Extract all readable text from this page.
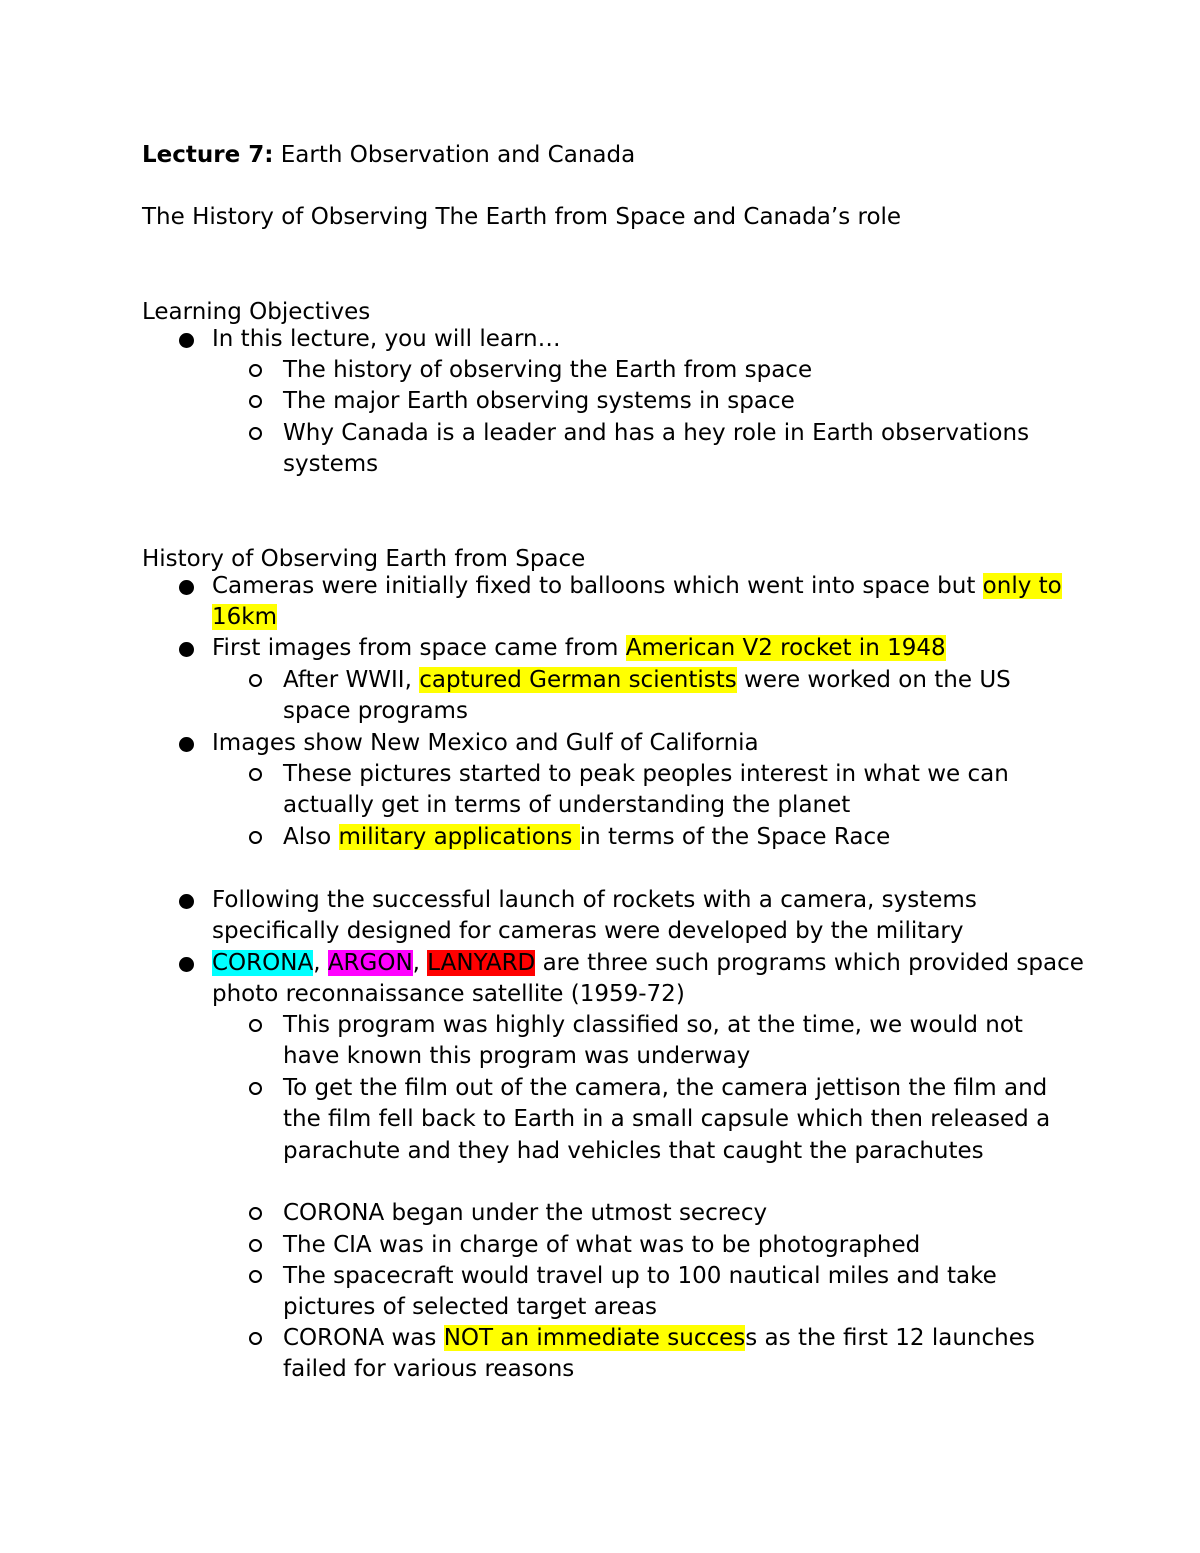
Lecture 7: Earth Observation and Canada
The History of Observing The Earth from Space and Canada’s role
Learning Objectives
In this lecture, you will learn…
The history of observing the Earth from space
The major Earth observing systems in space
Why Canada is a leader and has a hey role in Earth observations systems
History of Observing Earth from Space
Cameras were initially fixed to balloons which went into space but only to 16km
First images from space came from American V2 rocket in 1948
After WWII, captured German scientists were worked on the US space programs
Images show New Mexico and Gulf of California
These pictures started to peak peoples interest in what we can actually get in terms of understanding the planet
Also military applications in terms of the Space Race
Following the successful launch of rockets with a camera, systems specifically designed for cameras were developed by the military
CORONA, ARGON, LANYARD are three such programs which provided space photo reconnaissance satellite (1959-72)
This program was highly classified so, at the time, we would not have known this program was underway
To get the film out of the camera, the camera jettison the film and the film fell back to Earth in a small capsule which then released a parachute and they had vehicles that caught the parachutes
CORONA began under the utmost secrecy
The CIA was in charge of what was to be photographed
The spacecraft would travel up to 100 nautical miles and take pictures of selected target areas
CORONA was NOT an immediate success as the first 12 launches failed for various reasons
